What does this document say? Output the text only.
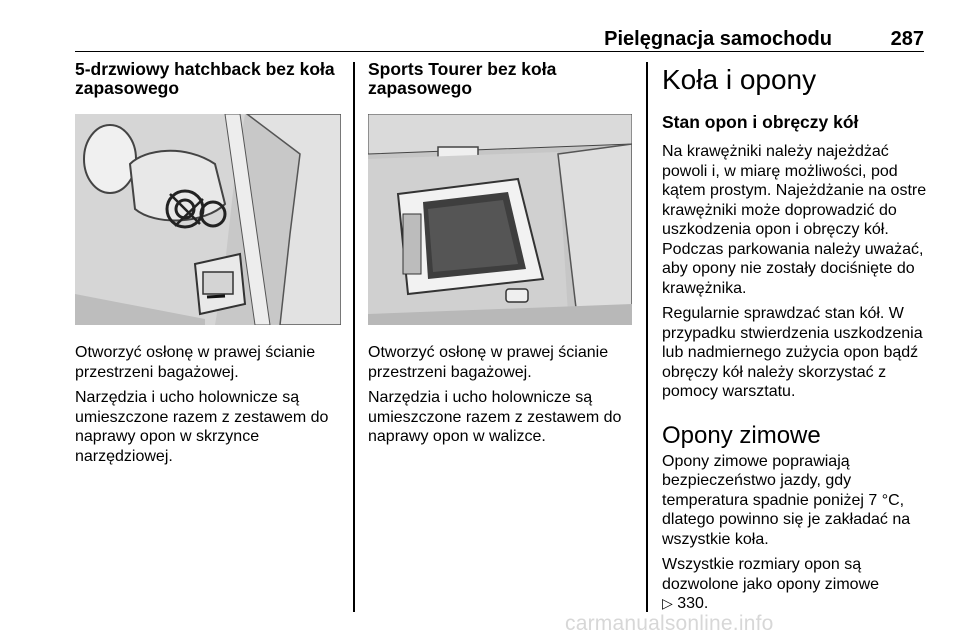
Pielęgnacja samochodu	287
5-drzwiowy hatchback bez koła zapasowego

Otworzyć osłonę w prawej ścianie przestrzeni bagażowej.

Narzędzia i ucho holownicze są umieszczone razem z zestawem do naprawy opon w skrzynce narzędziowej.

Sports Tourer bez koła zapasowego

Otworzyć osłonę w prawej ścianie przestrzeni bagażowej.

Narzędzia i ucho holownicze są umieszczone razem z zestawem do naprawy opon w walizce.

Koła i opony
Stan opon i obręczy kół

Na krawężniki należy najeżdżać powoli i, w miarę możliwości, pod kątem prostym. Najeżdżanie na ostre krawężniki może doprowadzić do uszkodzenia opon i obręczy kół. Podczas parkowania należy uważać, aby opony nie zostały dociśnięte do krawężnika.

Regularnie sprawdzać stan kół. W przypadku stwierdzenia uszkodzenia lub nadmiernego zużycia opon bądź obręczy kół należy skorzystać z pomocy warsztatu.

Opony zimowe

Opony zimowe poprawiają bezpieczeństwo jazdy, gdy temperatura spadnie poniżej 7 °C, dlatego powinno się je zakładać na wszystkie koła.

Wszystkie rozmiary opon są dozwolone jako opony zimowe
▷ 330.

carmanualsonline.info
